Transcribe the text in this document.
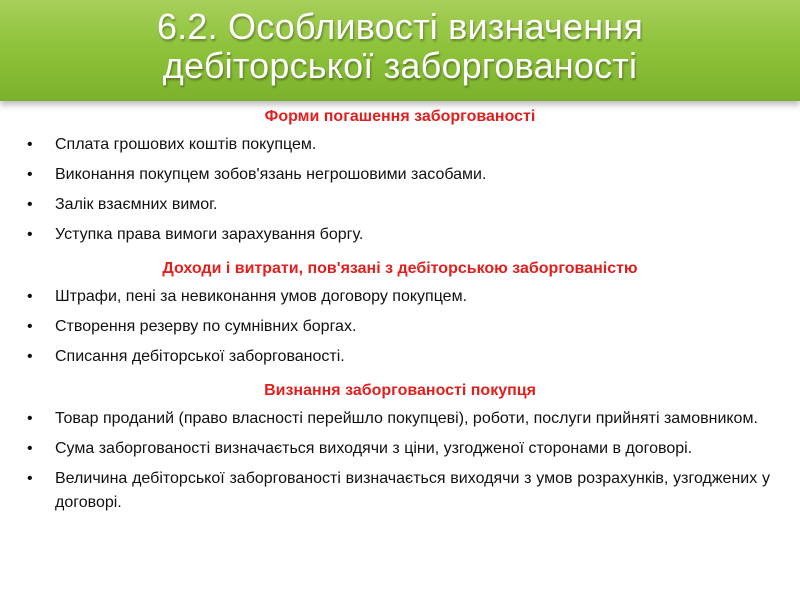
6.2. Особливості визначення
дебіторської заборгованості

Форми погашення заборгованості

• Сплата грошових коштів покупцем.
• Виконання покупцем зобов'язань негрошовими засобами.
• Залік взаємних вимог.
• Уступка права вимоги зарахування боргу.

Доходи і витрати, пов'язані з дебіторською заборгованістю

• Штрафи, пені за невиконання умов договору покупцем.
• Створення резерву по сумнівних боргах.
• Списання дебіторської заборгованості.

Визнання заборгованості покупця

• Товар проданий (право власності перейшло покупцеві), роботи, послуги прийняті замовником.
• Сума заборгованості визначається виходячи з ціни, узгодженої сторонами в договорі.
• Величина дебіторської заборгованості визначається виходячи з умов розрахунків, узгоджених у договорі.
